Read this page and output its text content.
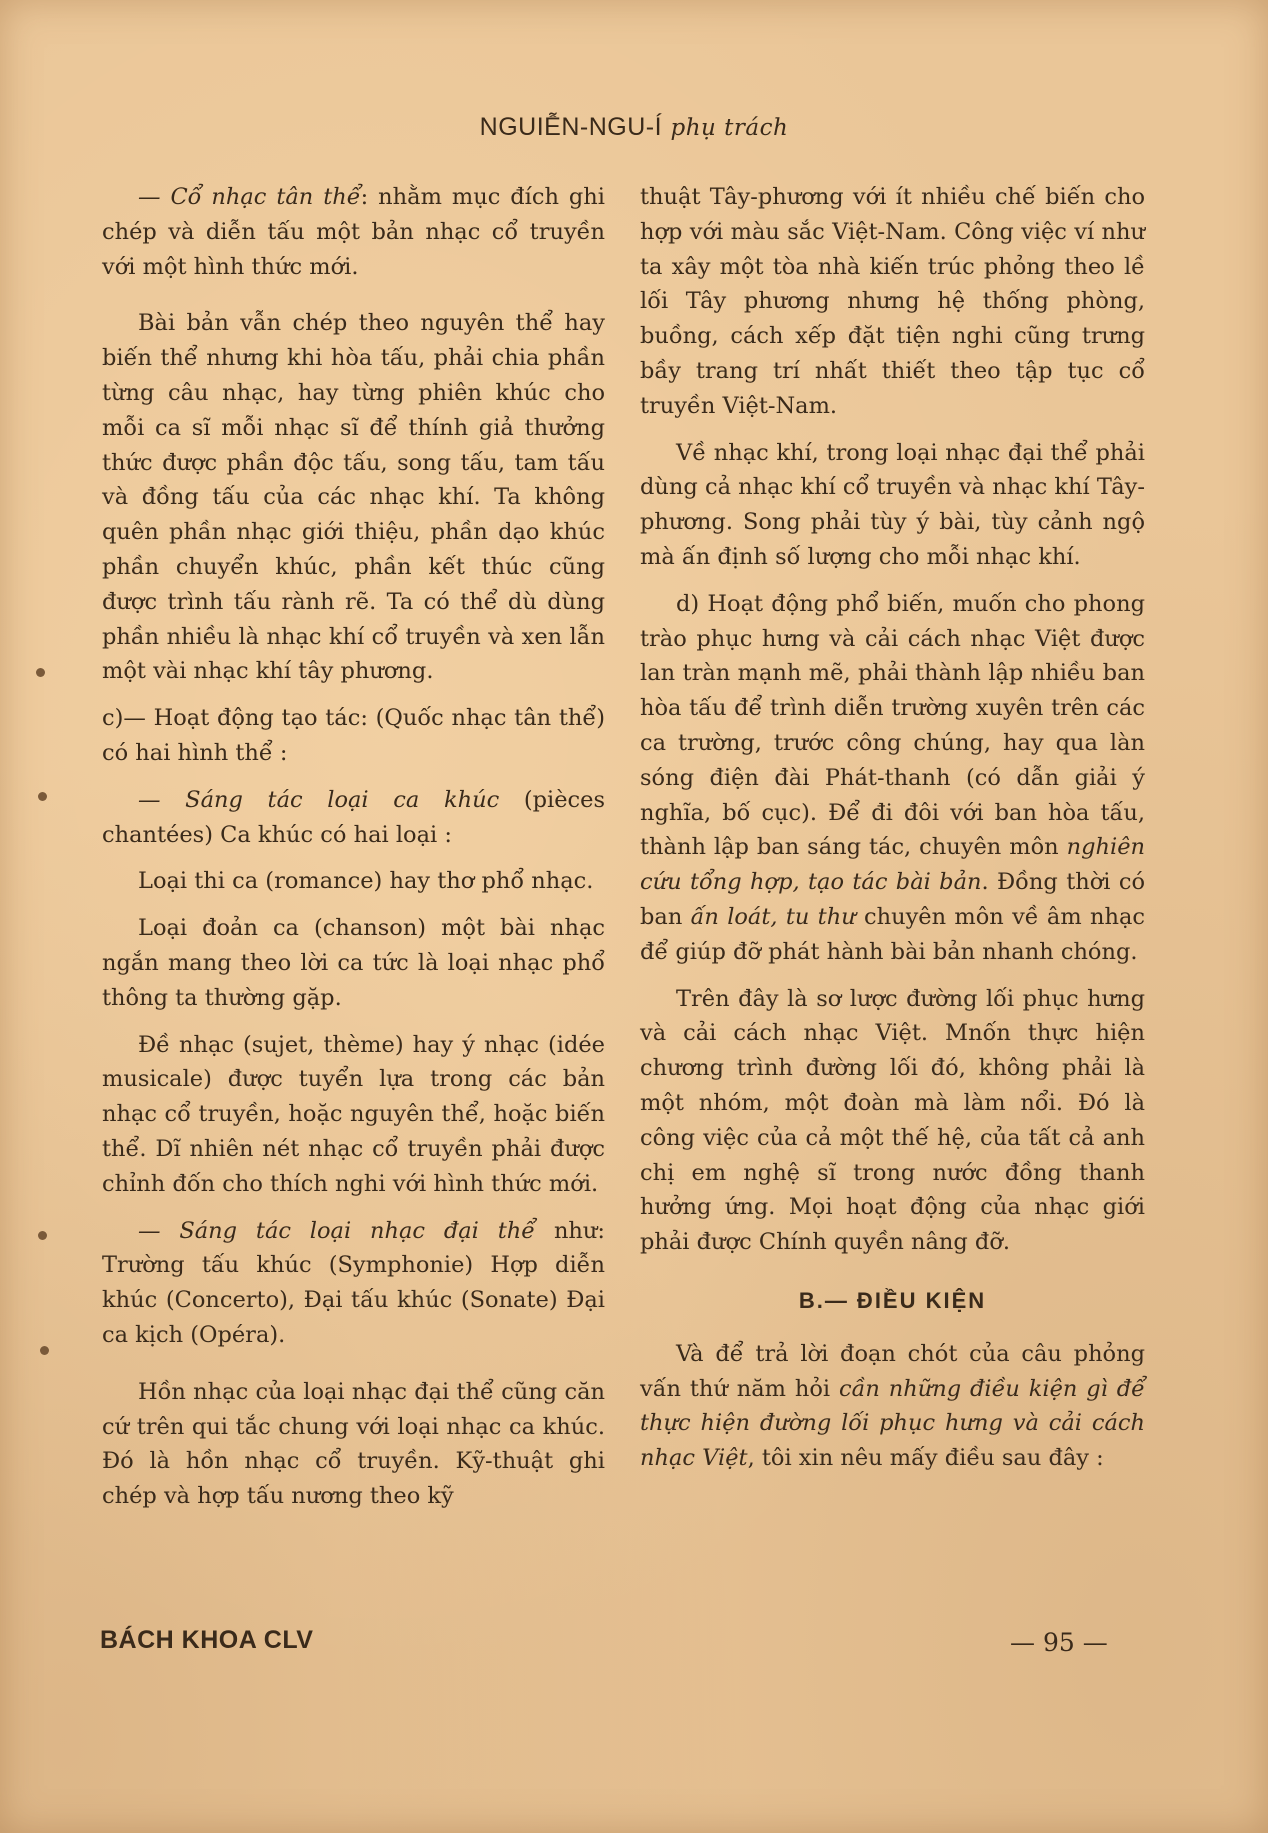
NGUIỄN-NGU-Í phụ trách

— Cổ nhạc tân thể: nhằm mục đích ghi chép và diễn tấu một bản nhạc cổ truyền với một hình thức mới.

Bài bản vẫn chép theo nguyên thể hay biến thể nhưng khi hòa tấu, phải chia phần từng câu nhạc, hay từng phiên khúc cho mỗi ca sĩ mỗi nhạc sĩ để thính giả thưởng thức được phần độc tấu, song tấu, tam tấu và đồng tấu của các nhạc khí. Ta không quên phần nhạc giới thiệu, phần dạo khúc phần chuyển khúc, phần kết thúc cũng được trình tấu rành rẽ. Ta có thể dù dùng phần nhiều là nhạc khí cổ truyền và xen lẫn một vài nhạc khí tây phương.

c)— Hoạt động tạo tác: (Quốc nhạc tân thể) có hai hình thể :

— Sáng tác loại ca khúc (pièces chantées) Ca khúc có hai loại :

Loại thi ca (romance) hay thơ phổ nhạc.

Loại đoản ca (chanson) một bài nhạc ngắn mang theo lời ca tức là loại nhạc phổ thông ta thường gặp.

Đề nhạc (sujet, thème) hay ý nhạc (idée musicale) được tuyển lựa trong các bản nhạc cổ truyền, hoặc nguyên thể, hoặc biến thể. Dĩ nhiên nét nhạc cổ truyền phải được chỉnh đốn cho thích nghi với hình thức mới.

— Sáng tác loại nhạc đại thể như: Trường tấu khúc (Symphonie) Hợp diễn khúc (Concerto), Đại tấu khúc (Sonate) Đại ca kịch (Opéra).

Hồn nhạc của loại nhạc đại thể cũng căn cứ trên qui tắc chung với loại nhạc ca khúc. Đó là hồn nhạc cổ truyền. Kỹ-thuật ghi chép và hợp tấu nương theo kỹ

thuật Tây-phương với ít nhiều chế biến cho hợp với màu sắc Việt-Nam. Công việc ví như ta xây một tòa nhà kiến trúc phỏng theo lề lối Tây phương nhưng hệ thống phòng, buồng, cách xếp đặt tiện nghi cũng trưng bầy trang trí nhất thiết theo tập tục cổ truyền Việt-Nam.

Về nhạc khí, trong loại nhạc đại thể phải dùng cả nhạc khí cổ truyền và nhạc khí Tây-phương. Song phải tùy ý bài, tùy cảnh ngộ mà ấn định số lượng cho mỗi nhạc khí.

d) Hoạt động phổ biến, muốn cho phong trào phục hưng và cải cách nhạc Việt được lan tràn mạnh mẽ, phải thành lập nhiều ban hòa tấu để trình diễn trường xuyên trên các ca trường, trước công chúng, hay qua làn sóng điện đài Phát-thanh (có dẫn giải ý nghĩa, bố cục). Để đi đôi với ban hòa tấu, thành lập ban sáng tác, chuyên môn nghiên cứu tổng hợp, tạo tác bài bản. Đồng thời có ban ấn loát, tu thư chuyên môn về âm nhạc để giúp đỡ phát hành bài bản nhanh chóng.

Trên đây là sơ lược đường lối phục hưng và cải cách nhạc Việt. Mnốn thực hiện chương trình đường lối đó, không phải là một nhóm, một đoàn mà làm nổi. Đó là công việc của cả một thế hệ, của tất cả anh chị em nghệ sĩ trong nước đồng thanh hưởng ứng. Mọi hoạt động của nhạc giới phải được Chính quyền nâng đỡ.

B.— ĐIỀU KIỆN

Và để trả lời đoạn chót của câu phỏng vấn thứ năm hỏi cần những điều kiện gì để thực hiện đường lối phục hưng và cải cách nhạc Việt, tôi xin nêu mấy điều sau đây :

BÁCH KHOA CLV	— 95 —
